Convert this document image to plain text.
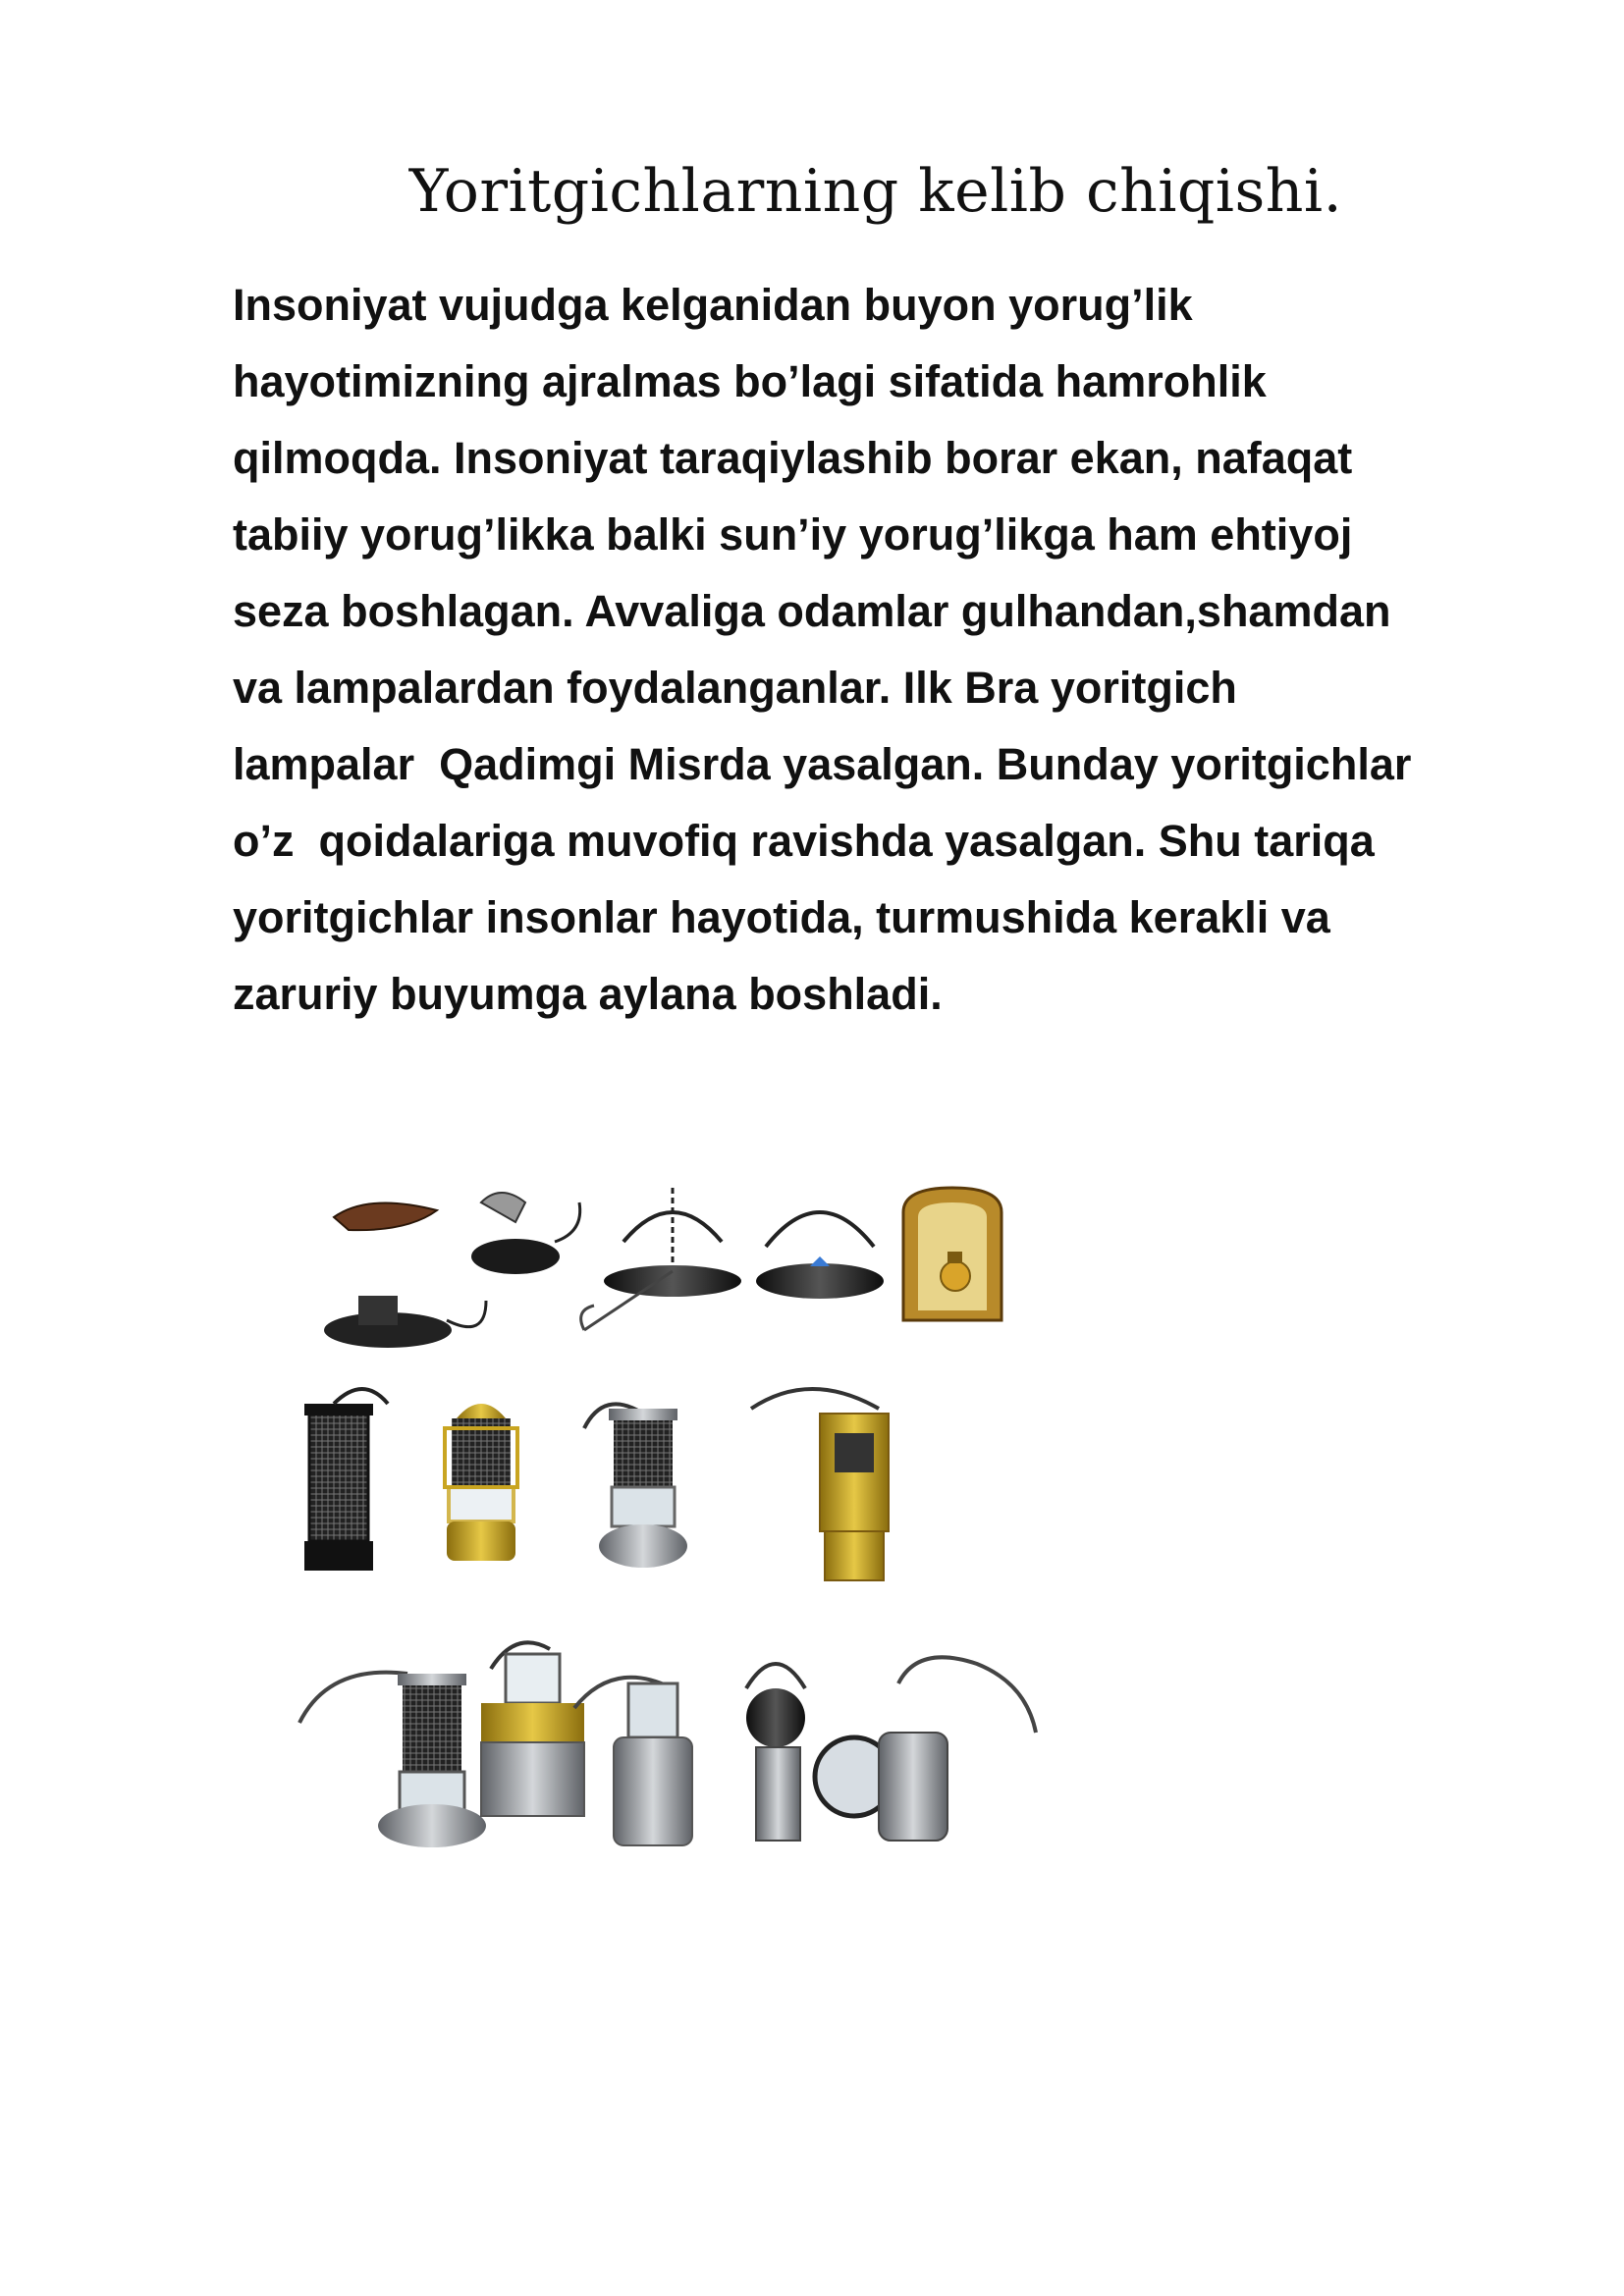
Yoritgichlarning kelib chiqishi.
Insoniyat vujudga kelganidan buyon yorug’lik
hayotimizning ajralmas bo’lagi sifatida hamrohlik
qilmoqda. Insoniyat taraqiylashib borar ekan, nafaqat
tabiiy yorug’likka balki sun’iy yorug’likga ham ehtiyoj
seza boshlagan. Avvaliga odamlar gulhandan,shamdan
va lampalardan foydalanganlar. Ilk Bra yoritgich
lampalar  Qadimgi Misrda yasalgan. Bunday yoritgichlar
o’z  qoidalariga muvofiq ravishda yasalgan. Shu tariqa
yoritgichlar insonlar hayotida, turmushida kerakli va
zaruriy buyumga aylana boshladi.
